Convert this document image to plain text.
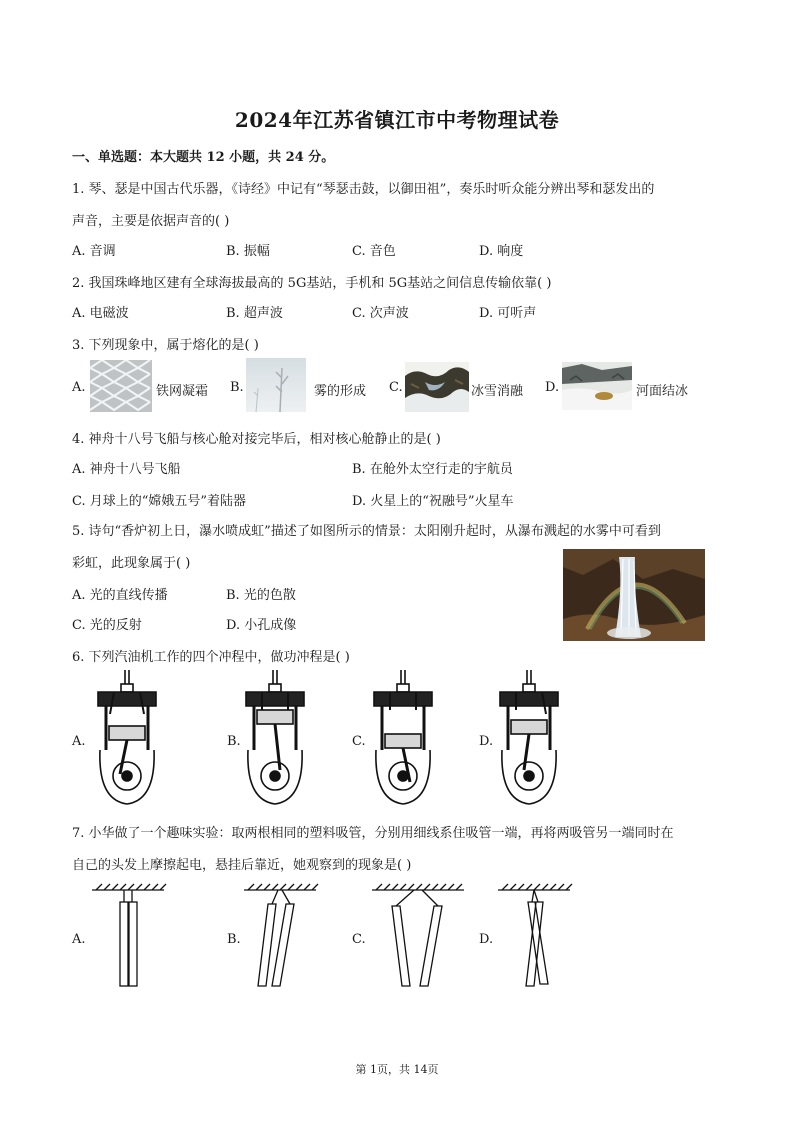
2024年江苏省镇江市中考物理试卷
一、单选题：本大题共 12 小题，共 24 分。
1. 琴、瑟是中国古代乐器，《诗经》中记有“琴瑟击鼓，以御田祖”，奏乐时听众能分辨出琴和瑟发出的
声音，主要是依据声音的( )
A. 音调	B. 振幅	C. 音色	D. 响度
2. 我国珠峰地区建有全球海拔最高的 5G基站，手机和 5G基站之间信息传输依靠( )
A. 电磁波	B. 超声波	C. 次声波	D. 可听声
3. 下列现象中，属于熔化的是( )
A.	铁网凝霜 B.	雾的形成 C.	冰雪消融 D.	河面结冰
4. 神舟十八号飞船与核心舱对接完毕后，相对核心舱静止的是( )
A. 神舟十八号飞船	B. 在舱外太空行走的宇航员
C. 月球上的“嫦娥五号”着陆器	D. 火星上的“祝融号”火星车
5. 诗句“香炉初上日，瀑水喷成虹”描述了如图所示的情景：太阳刚升起时，从瀑布溅起的水雾中可看到
彩虹，此现象属于( )
A. 光的直线传播	B. 光的色散
C. 光的反射	D. 小孔成像
6. 下列汽油机工作的四个冲程中，做功冲程是( )
A.	B.	C.	D.
7. 小华做了一个趣味实验：取两根相同的塑料吸管，分别用细线系住吸管一端，再将两吸管另一端同时在
自己的头发上摩擦起电，悬挂后靠近，她观察到的现象是( )
A.	B.	C.	D.
第 1页，共 14页
